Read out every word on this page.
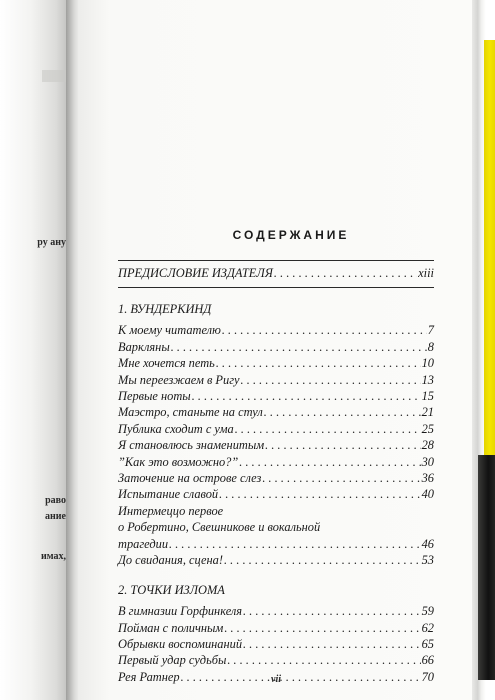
ру ану
раво
ание
имах,
СОДЕРЖАНИЕ
ПРЕДИСЛОВИЕ ИЗДАТЕЛЯ . . .	xiii
1. ВУНДЕРКИНД
К моему читателю . . .	7
Варкляны . . .	8
Мне хочется петь . . .	10
Мы переезжаем в Ригу . . .	13
Первые ноты . . .	15
Маэстро, станьте на стул . . .	21
Публика сходит с ума . . .	25
Я становлюсь знаменитым . . .	28
”Как это возможно?” . . .	30
Заточение на острове слез . . .	36
Испытание славой . . .	40
Интермеццо первое
о Робертино, Свешникове и вокальной
трагедии . . .	46
До свидания, сцена! . . .	53
2. ТОЧКИ ИЗЛОМА
В гимназии Горфинкеля . . .	59
Пойман с поличным . . .	62
Обрывки воспоминаний . . .	65
Первый удар судьбы . . .	66
Рея Ратнер . . .	70
vii
